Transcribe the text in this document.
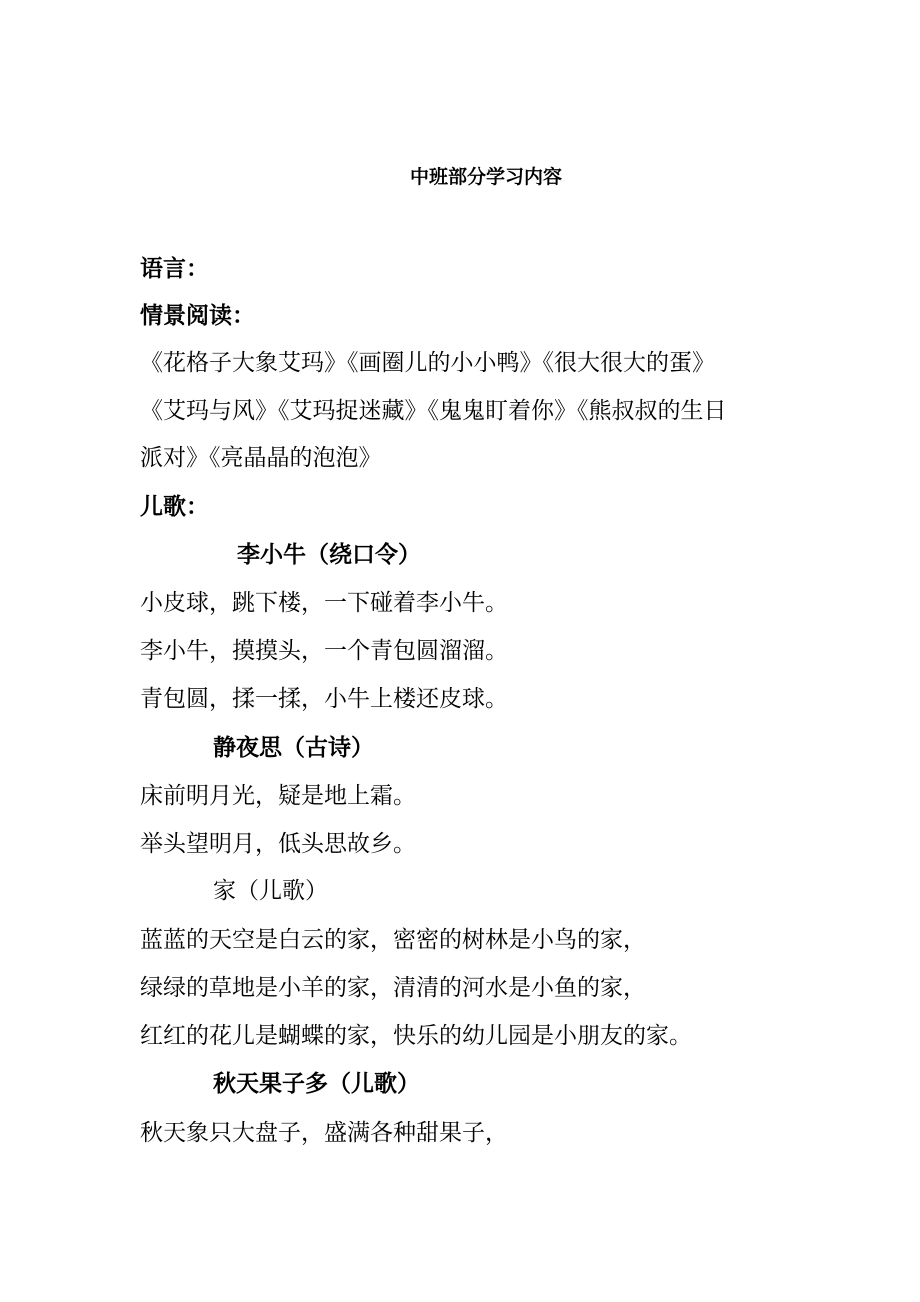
中班部分学习内容
语言：
情景阅读：
《花格子大象艾玛》《画圈儿的小小鸭》《很大很大的蛋》
《艾玛与风》《艾玛捉迷藏》《鬼鬼盯着你》《熊叔叔的生日
派对》《亮晶晶的泡泡》
儿歌：
李小牛（绕口令）
小皮球，跳下楼，一下碰着李小牛。
李小牛，摸摸头，一个青包圆溜溜。
青包圆，揉一揉，小牛上楼还皮球。
静夜思（古诗）
床前明月光，疑是地上霜。
举头望明月，低头思故乡。
家（儿歌）
蓝蓝的天空是白云的家，密密的树林是小鸟的家，
绿绿的草地是小羊的家，清清的河水是小鱼的家，
红红的花儿是蝴蝶的家，快乐的幼儿园是小朋友的家。
秋天果子多（儿歌）
秋天象只大盘子，盛满各种甜果子，
